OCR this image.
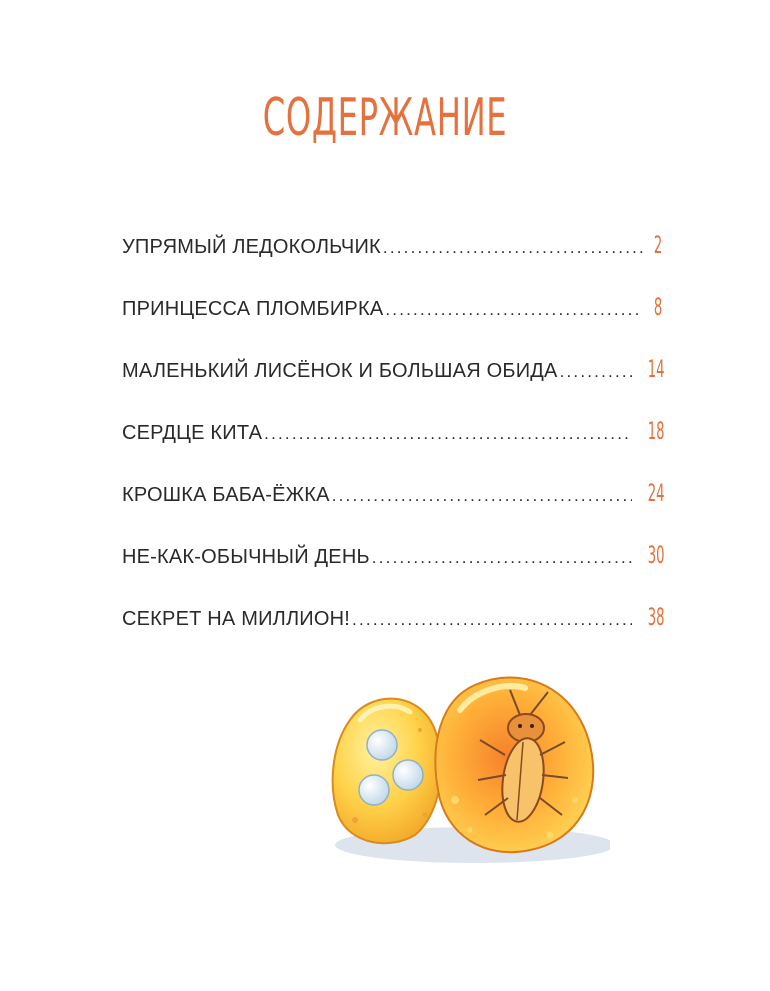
СОДЕРЖАНИЕ
УПРЯМЫЙ ЛЕДОКОЛЬЧИК .....	2
ПРИНЦЕССА ПЛОМБИРКА .....	8
МАЛЕНЬКИЙ ЛИСЁНОК И БОЛЬШАЯ ОБИДА .....	14
СЕРДЦЕ КИТА .....	18
КРОШКА БАБА-ЁЖКА .....	24
НЕ-КАК-ОБЫЧНЫЙ ДЕНЬ .....	30
СЕКРЕТ НА МИЛЛИОН! .....	38
